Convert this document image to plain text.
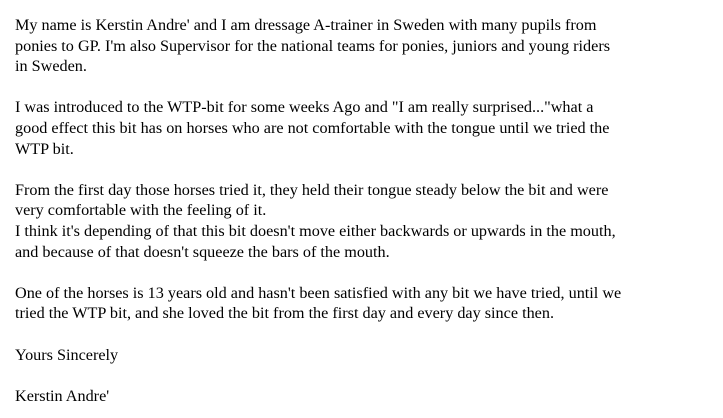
My name is Kerstin Andre' and I am dressage A-trainer in Sweden with many pupils from
ponies to GP. I'm also Supervisor for the national teams for ponies, juniors and young riders
in Sweden.

I was introduced to the WTP-bit for some weeks Ago and "I am really surprised..."what a
good effect this bit has on horses who are not comfortable with the tongue until we tried the
WTP bit.

From the first day those horses tried it, they held their tongue steady below the bit and were
very comfortable with the feeling of it.
I think it's depending of that this bit doesn't move either backwards or upwards in the mouth,
and because of that doesn't squeeze the bars of the mouth.

One of the horses is 13 years old and hasn't been satisfied with any bit we have tried, until we
tried the WTP bit, and she loved the bit from the first day and every day since then.

Yours Sincerely

Kerstin Andre'
